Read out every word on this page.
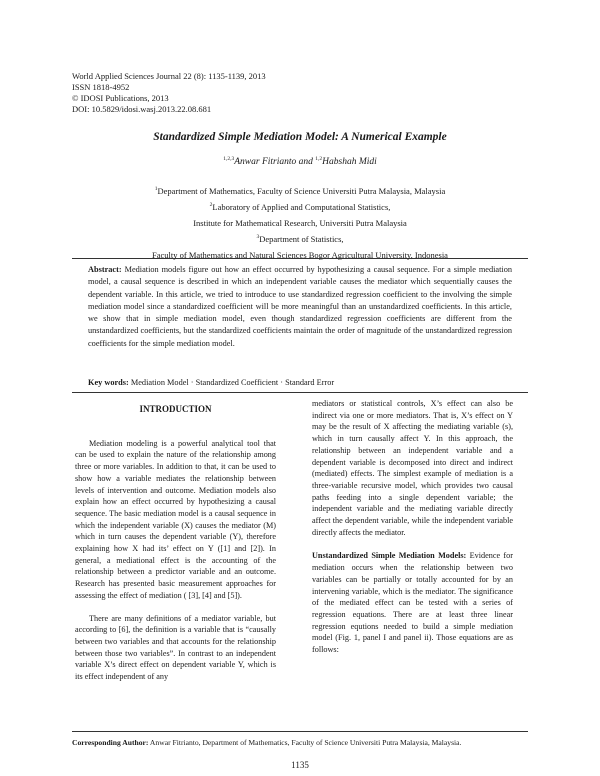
World Applied Sciences Journal 22 (8): 1135-1139, 2013
ISSN 1818-4952
© IDOSI Publications, 2013
DOI: 10.5829/idosi.wasj.2013.22.08.681
Standardized Simple Mediation Model: A Numerical Example
$^{1,2,3}$Anwar Fitrianto and $^{1,2}$Habshah Midi
$^1$Department of Mathematics, Faculty of Science Universiti Putra Malaysia, Malaysia
$^2$Laboratory of Applied and Computational Statistics,
Institute for Mathematical Research, Universiti Putra Malaysia
$^3$Department of Statistics,
Faculty of Mathematics and Natural Sciences Bogor Agricultural University, Indonesia
Abstract: Mediation models figure out how an effect occurred by hypothesizing a causal sequence. For a simple mediation model, a causal sequence is described in which an independent variable causes the mediator which sequentially causes the dependent variable. In this article, we tried to introduce to use standardized regression coefficient to the involving the simple mediation model since a standardized coefficient will be more meaningful than an unstandardized coefficients. In this article, we show that in simple mediation model, even though standardized regression coefficients are different from the unstandardized coefficients, but the standardized coefficients maintain the order of magnitude of the unstandardized regression coefficients for the simple mediation model.
Key words: Mediation Model · Standardized Coefficient · Standard Error
INTRODUCTION

Mediation modeling is a powerful analytical tool that can be used to explain the nature of the relationship among three or more variables. In addition to that, it can be used to show how a variable mediates the relationship between levels of intervention and outcome. Mediation models also explain how an effect occurred by hypothesizing a causal sequence. The basic mediation model is a causal sequence in which the independent variable (X) causes the mediator (M) which in turn causes the dependent variable (Y), therefore explaining how X had its’ effect on Y ([1] and [2]). In general, a mediational effect is the accounting of the relationship between a predictor variable and an outcome. Research has presented basic measurement approaches for assessing the effect of mediation ( [3], [4] and [5]).

There are many definitions of a mediator variable, but according to [6], the definition is a variable that is “causally between two variables and that accounts for the relationship between those two variables”. In contrast to an independent variable X’s direct effect on dependent variable Y, which is its effect independent of any

mediators or statistical controls, X’s effect can also be indirect via one or more mediators. That is, X’s effect on Y may be the result of X affecting the mediating variable (s), which in turn causally affect Y. In this approach, the relationship between an independent variable and a dependent variable is decomposed into direct and indirect (mediated) effects. The simplest example of mediation is a three-variable recursive model, which provides two causal paths feeding into a single dependent variable; the independent variable and the mediating variable directly affect the dependent variable, while the independent variable directly affects the mediator.

Unstandardized Simple Mediation Models: Evidence for mediation occurs when the relationship between two variables can be partially or totally accounted for by an intervening variable, which is the mediator. The significance of the mediated effect can be tested with a series of regression equations. There are at least three linear regression equtions needed to build a simple mediation model (Fig. 1, panel I and panel ii). Those equations are as follows:

Corresponding Author: Anwar Fitrianto, Department of Mathematics, Faculty of Science Universiti Putra Malaysia, Malaysia.
1135
